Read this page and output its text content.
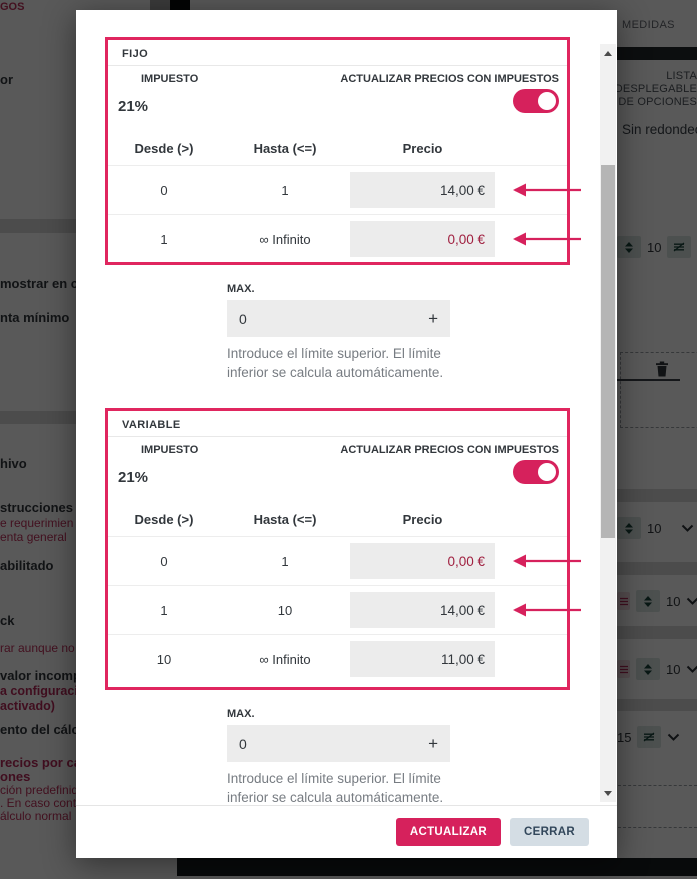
FIJO
IMPUESTO
21%
ACTUALIZAR PRECIOS CON IMPUESTOS
Desde (>)	Hasta (<=)	Precio
0	1	14,00 €
1	∞ Infinito	0,00 €
MAX.
0	+
Introduce el límite superior. El límite inferior se calcula automáticamente.
VARIABLE
IMPUESTO
21%
ACTUALIZAR PRECIOS CON IMPUESTOS
Desde (>)	Hasta (<=)	Precio
0	1	0,00 €
1	10	14,00 €
10	∞ Infinito	11,00 €
MAX.
0	+
Introduce el límite superior. El límite inferior se calcula automáticamente.
ACTUALIZAR	CERRAR
